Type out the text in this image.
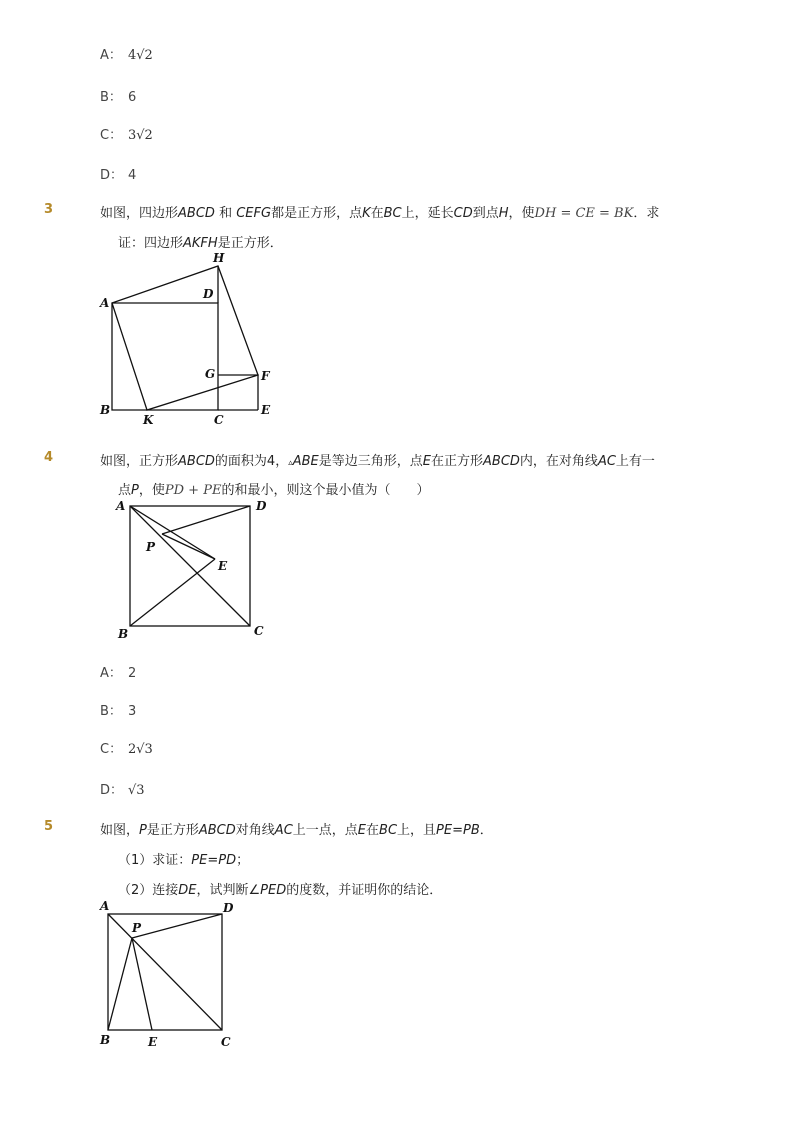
A： 4√2
B： 6
C： 3√2
D： 4
3	如图，四边形ABCD 和 CEFG都是正方形，点K在BC上，延长CD到点H，使DH = CE = BK．求
证：四边形AKFH是正方形．
H
D
A
G	F
B
K	C
E
4	如图，正方形ABCD的面积为4，▵ABE是等边三角形，点E在正方形ABCD内，在对角线AC上有一
点P，使PD + PE的和最小，则这个最小值为（　　）
A	D
P
E
B	C
A： 2
B： 3
C： 2√3
D： √3
5	如图，P是正方形ABCD对角线AC上一点，点E在BC上，且PE=PB．
（1）求证：PE=PD；
（2）连接DE，试判断∠PED的度数，并证明你的结论．
A	D
P
B	E	C
